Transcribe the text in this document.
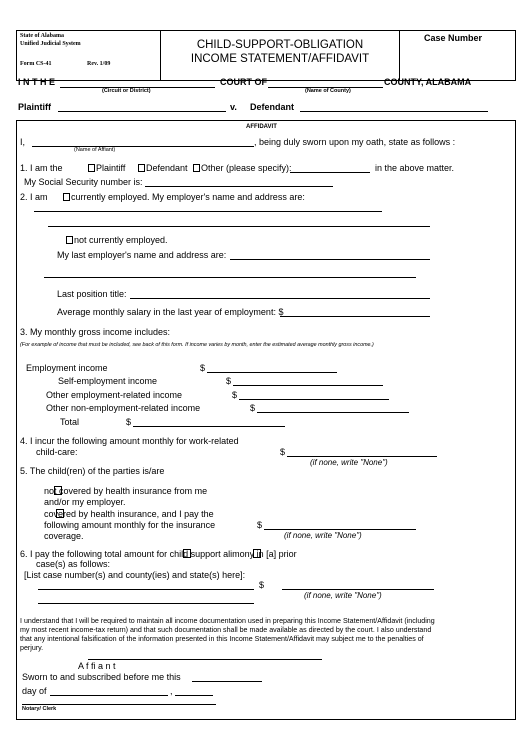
State of Alabama
Unified Judicial System
Form CS-41	Rev. 1/09
CHILD-SUPPORT-OBLIGATION
INCOME STATEMENT/AFFIDAVIT
Case Number
I N T H E	COURT OF	COUNTY, ALABAMA
(Circuit or District)	(Name of County)
Plaintiff	v. Defendant
AFFIDAVIT
I,	, being duly sworn upon my oath, state as follows :
(Name of Affiant)
1. I am the	Plaintiff	Defendant	Other (please specify):	in the above matter.
My Social Security number is:
2. I am	currently employed. My employer's name and address are:
not currently employed.
My last employer's name and address are:
Last position title:
Average monthly salary in the last year of employment: $
3. My monthly gross income includes:
(For example of income that must be included, see back of this form. If income varies by month, enter the estimated average monthly gross income.)
Employment income	$
Self-employment income	$
Other employment-related income	$
Other non-employment-related income	$
Total	$
4. I incur the following amount monthly for work-related
child-care:	$
(if none, write "None")
5. The child(ren) of the parties is/are
not covered by health insurance from me
and/or my employer.
covered by health insurance, and I pay the
following amount monthly for the insurance
coverage.
$
(if none, write "None")
6. I pay the following total amount for child support alimony in [a] prior
case(s) as follows:
[List case number(s) and county(ies) and state(s) here]:
$
(if none, write "None")
I understand that I will be required to maintain all income documentation used in preparing this Income Statement/Affidavit (including
my most recent income-tax return) and that such documentation shall be made available as directed by the court. I also understand
that any intentional falsification of the information presented in this Income Statement/Affidavit may subject me to the penalties of
perjury.
A f fi a n t
Sworn to and subscribed before me this
day of	,
Notary/ Clerk
